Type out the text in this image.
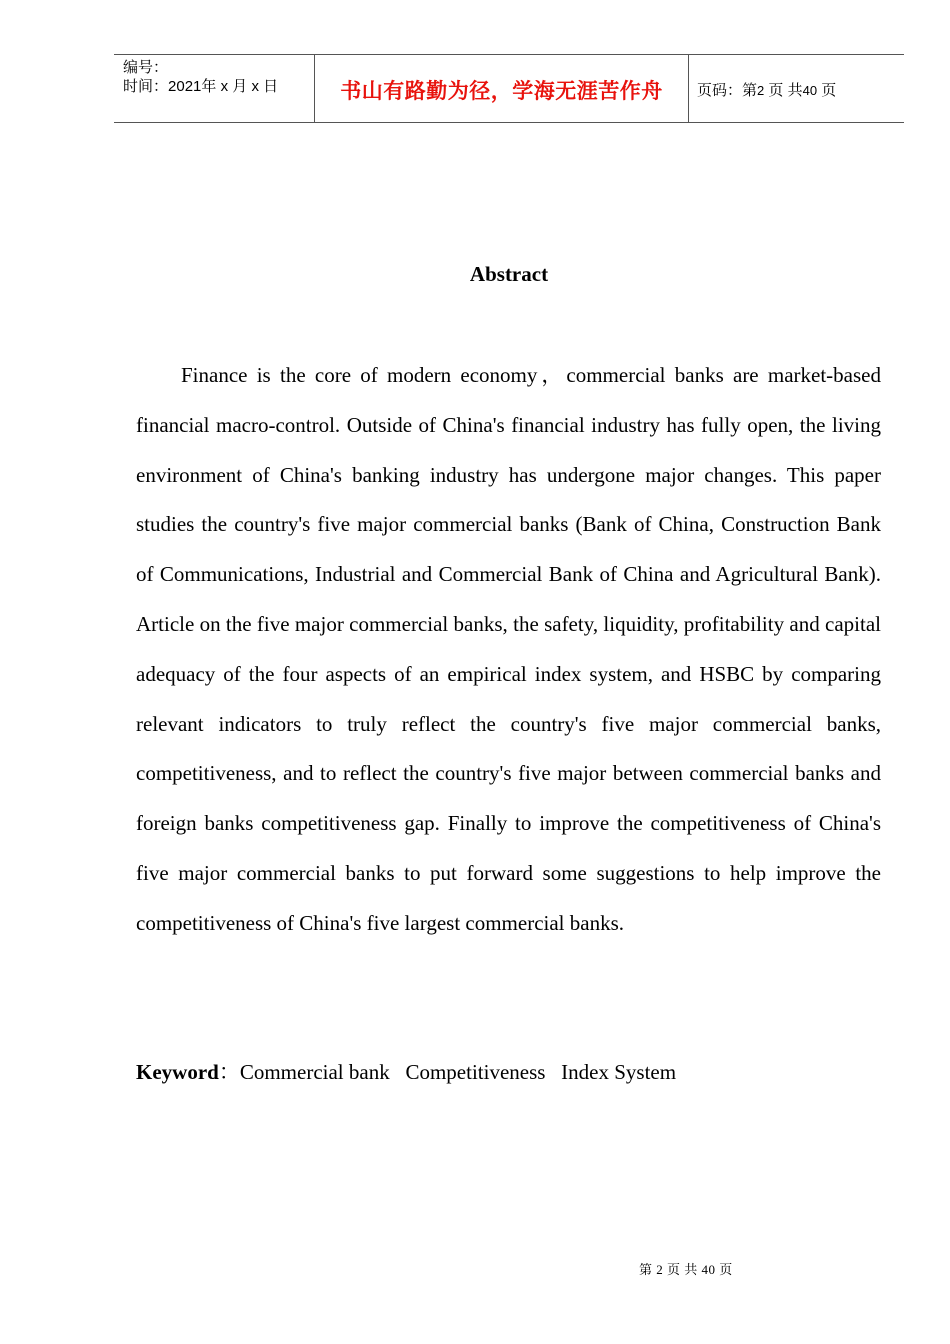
编号：
时间：2021年 x 月 x 日	书山有路勤为径，学海无涯苦作舟 页码：第2 页 共40 页
Abstract

Finance is the core of modern economy，commercial banks are market-based financial macro-control. Outside of China's financial industry has fully open, the living environment of China's banking industry has undergone major changes. This paper studies the country's five major commercial banks (Bank of China, Construction Bank of Communications, Industrial and Commercial Bank of China and Agricultural Bank). Article on the five major commercial banks, the safety, liquidity, profitability and capital adequacy of the four aspects of an empirical index system, and HSBC by comparing relevant indicators to truly reflect the country's five major commercial banks, competitiveness, and to reflect the country's five major between commercial banks and foreign banks competitiveness gap. Finally to improve the competitiveness of China's five major commercial banks to put forward some suggestions to help improve the competitiveness of China's five largest commercial banks.

Keyword：Commercial bank   Competitiveness   Index System
第 2 页 共 40 页
